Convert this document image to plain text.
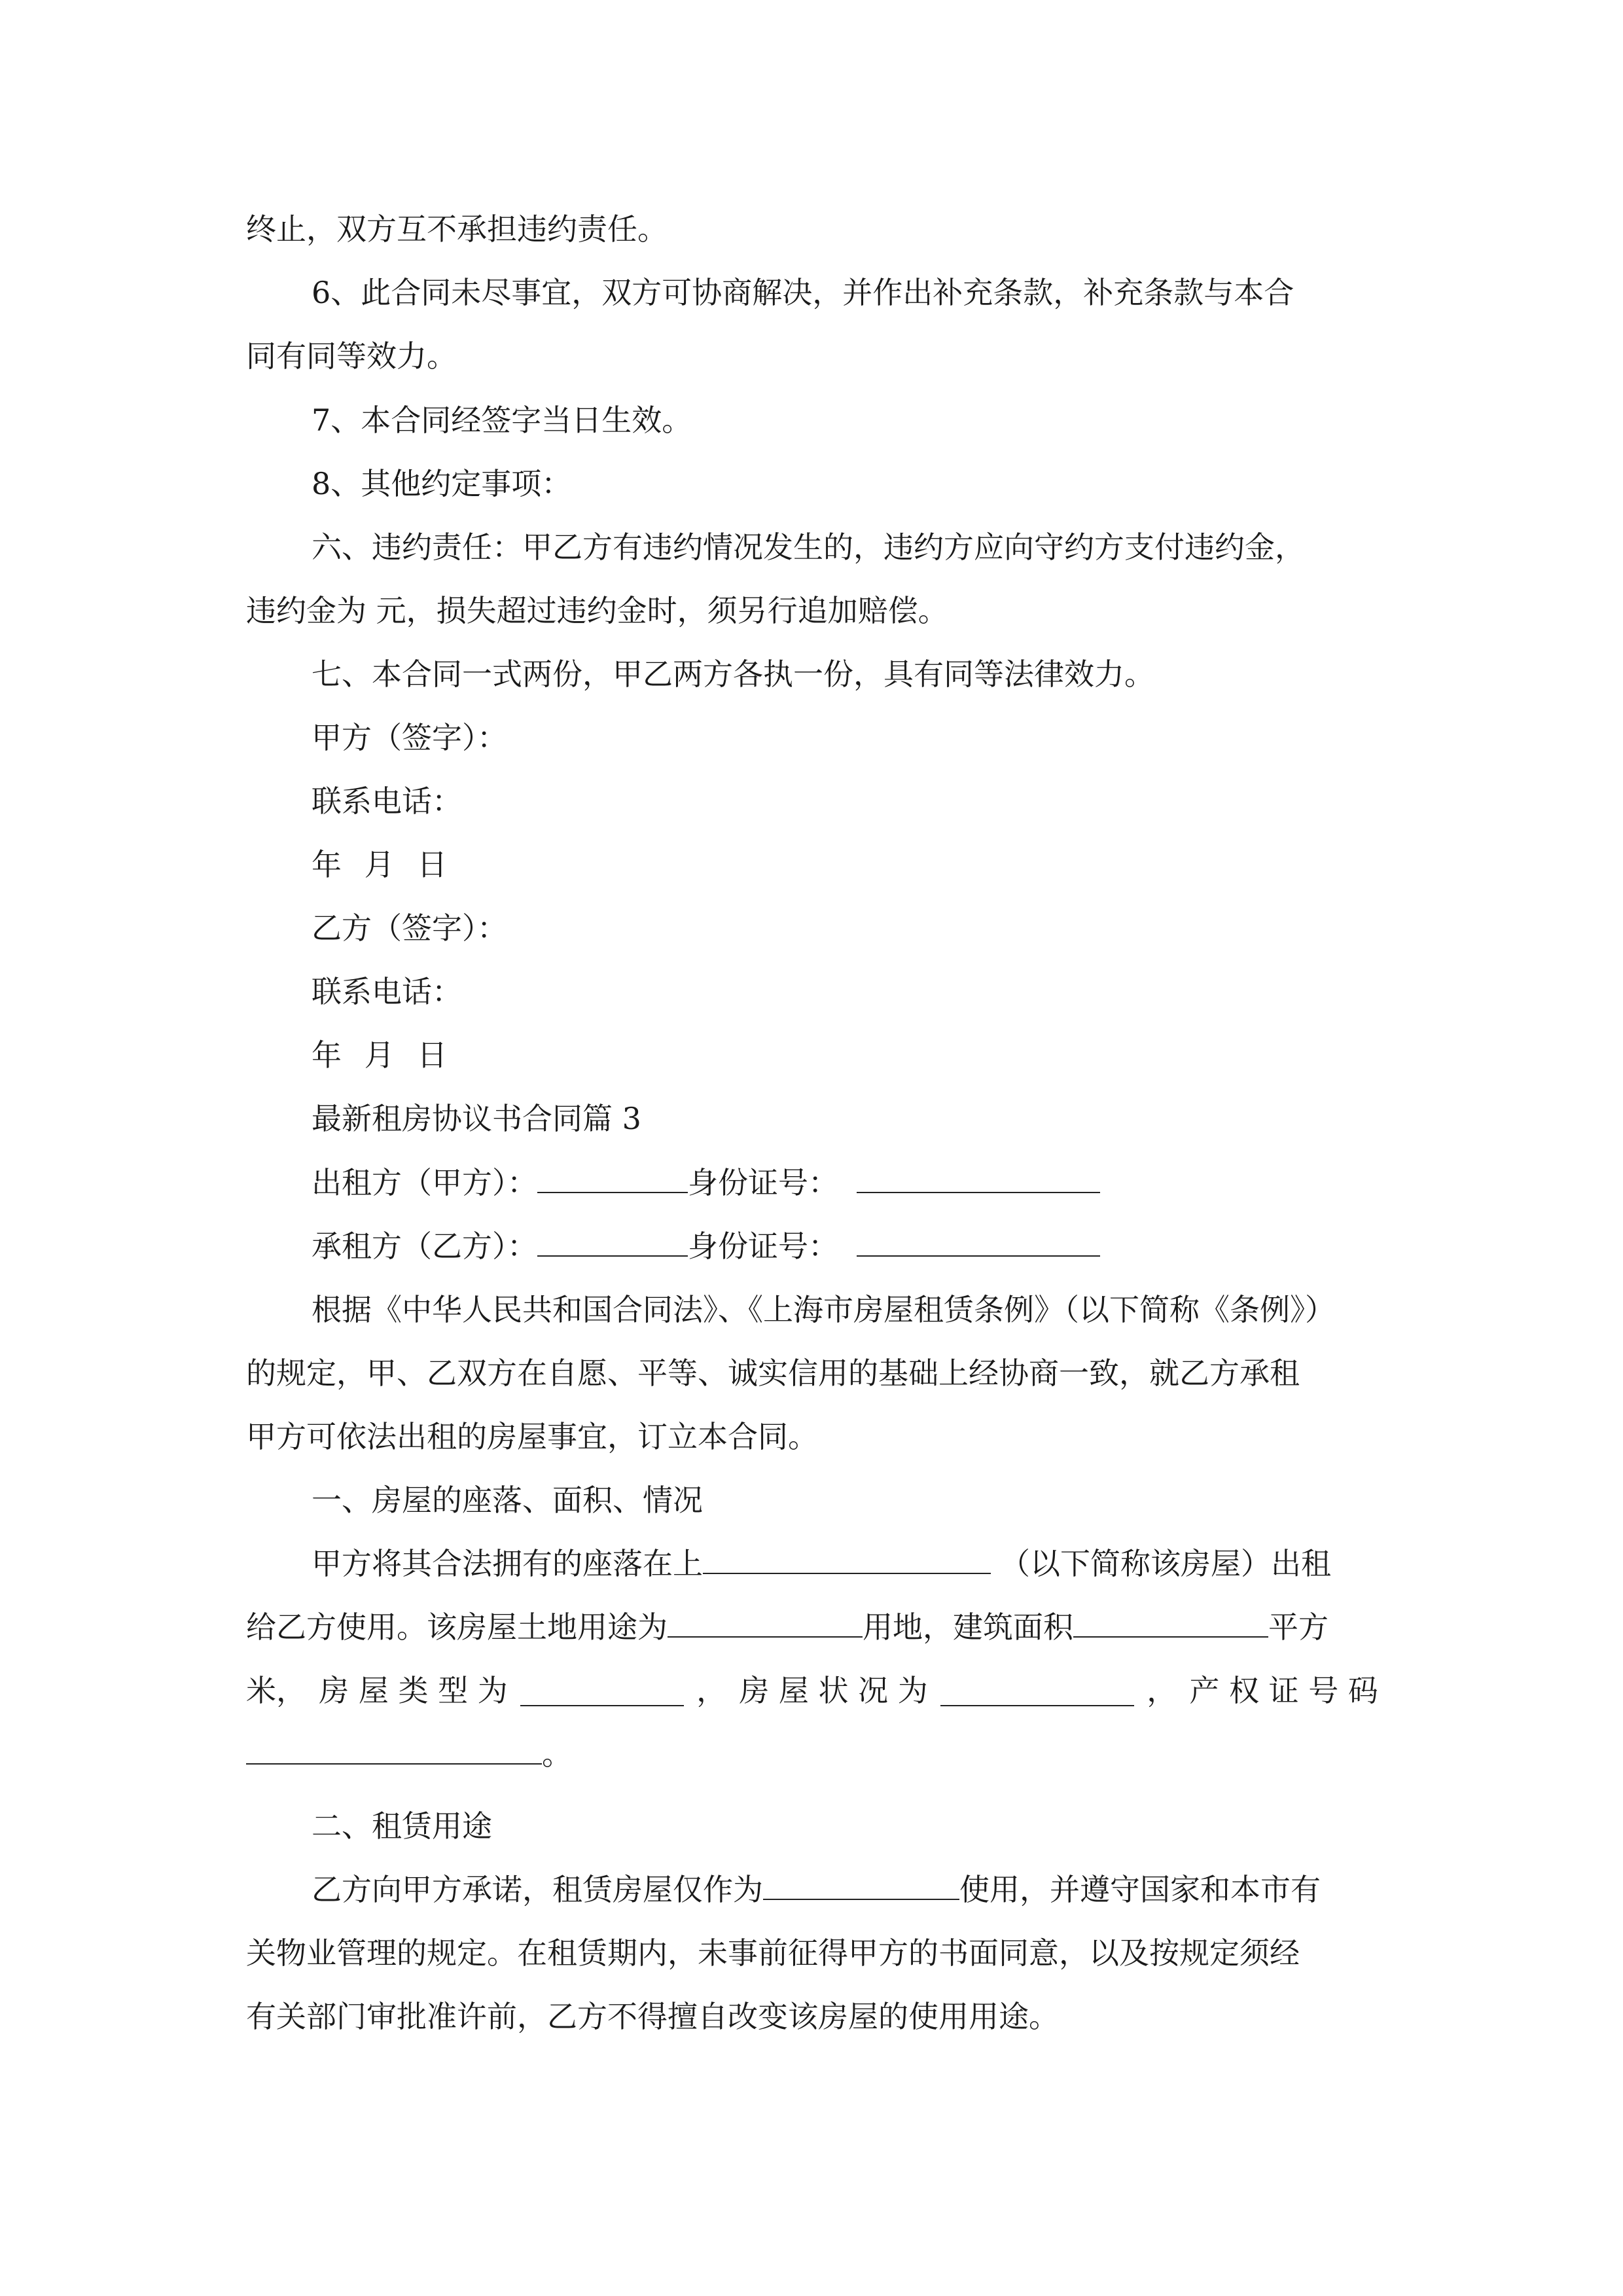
终止，双方互不承担违约责任。
6、此合同未尽事宜，双方可协商解决，并作出补充条款，补充条款与本合
同有同等效力。
7、本合同经签字当日生效。
8、其他约定事项：
六、违约责任：甲乙方有违约情况发生的，违约方应向守约方支付违约金，
违约金为 元，损失超过违约金时，须另行追加赔偿。
七、本合同一式两份，甲乙两方各执一份，具有同等法律效力。
甲方（签字）：
联系电话：
年 月 日
乙方（签字）：
联系电话：
年 月 日
最新租房协议书合同篇 3
出租方（甲方）：	身份证号：
承租方（乙方）：	身份证号：
根据《中华人民共和国合同法》、《上海市房屋租赁条例》（以下简称《条例》）
的规定，甲、乙双方在自愿、平等、诚实信用的基础上经协商一致，就乙方承租
甲方可依法出租的房屋事宜，订立本合同。
一、房屋的座落、面积、情况
甲方将其合法拥有的座落在上	（以下简称该房屋）出租
给乙方使用。该房屋土地用途为	用地，建筑面积	平方
米， 房 屋 类 型 为	， 房 屋 状 况 为	， 产 权 证 号 码
。
二、租赁用途
乙方向甲方承诺，租赁房屋仅作为	使用，并遵守国家和本市有
关物业管理的规定。在租赁期内，未事前征得甲方的书面同意，以及按规定须经
有关部门审批准许前，乙方不得擅自改变该房屋的使用用途。
